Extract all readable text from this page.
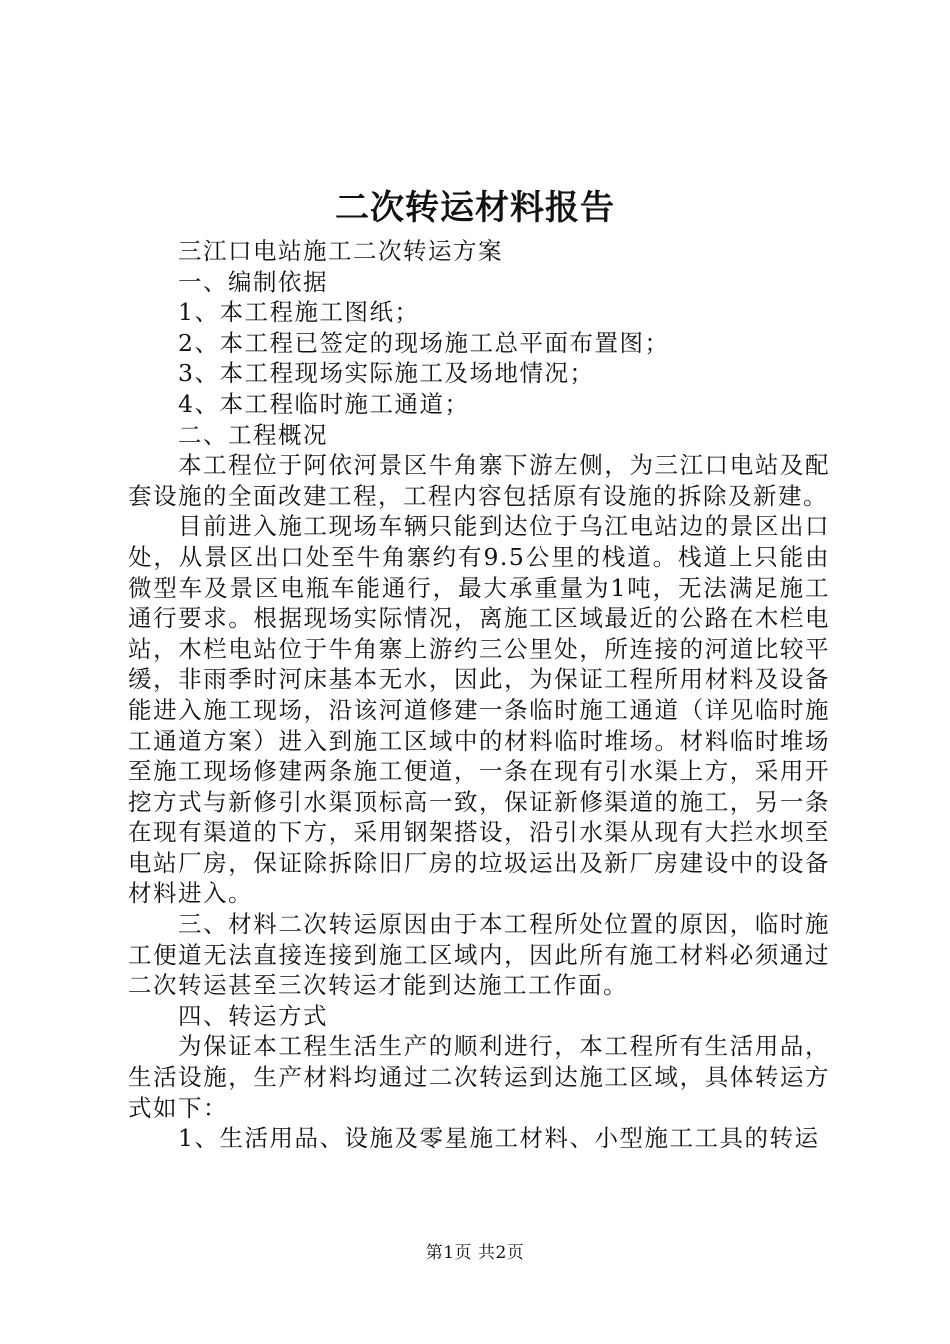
二次转运材料报告

三江口电站施工二次转运方案

一、编制依据

1、本工程施工图纸；

2、本工程已签定的现场施工总平面布置图；

3、本工程现场实际施工及场地情况；

4、本工程临时施工通道；

二、工程概况

本工程位于阿依河景区牛角寨下游左侧，为三江口电站及配套设施的全面改建工程，工程内容包括原有设施的拆除及新建。

目前进入施工现场车辆只能到达位于乌江电站边的景区出口处，从景区出口处至牛角寨约有9.5公里的栈道。栈道上只能由微型车及景区电瓶车能通行，最大承重量为1吨，无法满足施工通行要求。根据现场实际情况，离施工区域最近的公路在木栏电站，木栏电站位于牛角寨上游约三公里处，所连接的河道比较平缓，非雨季时河床基本无水，因此，为保证工程所用材料及设备能进入施工现场，沿该河道修建一条临时施工通道（详见临时施工通道方案）进入到施工区域中的材料临时堆场。材料临时堆场至施工现场修建两条施工便道，一条在现有引水渠上方，采用开挖方式与新修引水渠顶标高一致，保证新修渠道的施工，另一条在现有渠道的下方，采用钢架搭设，沿引水渠从现有大拦水坝至电站厂房，保证除拆除旧厂房的垃圾运出及新厂房建设中的设备材料进入。

三、材料二次转运原因由于本工程所处位置的原因，临时施工便道无法直接连接到施工区域内，因此所有施工材料必须通过二次转运甚至三次转运才能到达施工工作面。

四、转运方式

为保证本工程生活生产的顺利进行，本工程所有生活用品，生活设施，生产材料均通过二次转运到达施工区域，具体转运方式如下：

1、生活用品、设施及零星施工材料、小型施工工具的转运

第1页 共2页
